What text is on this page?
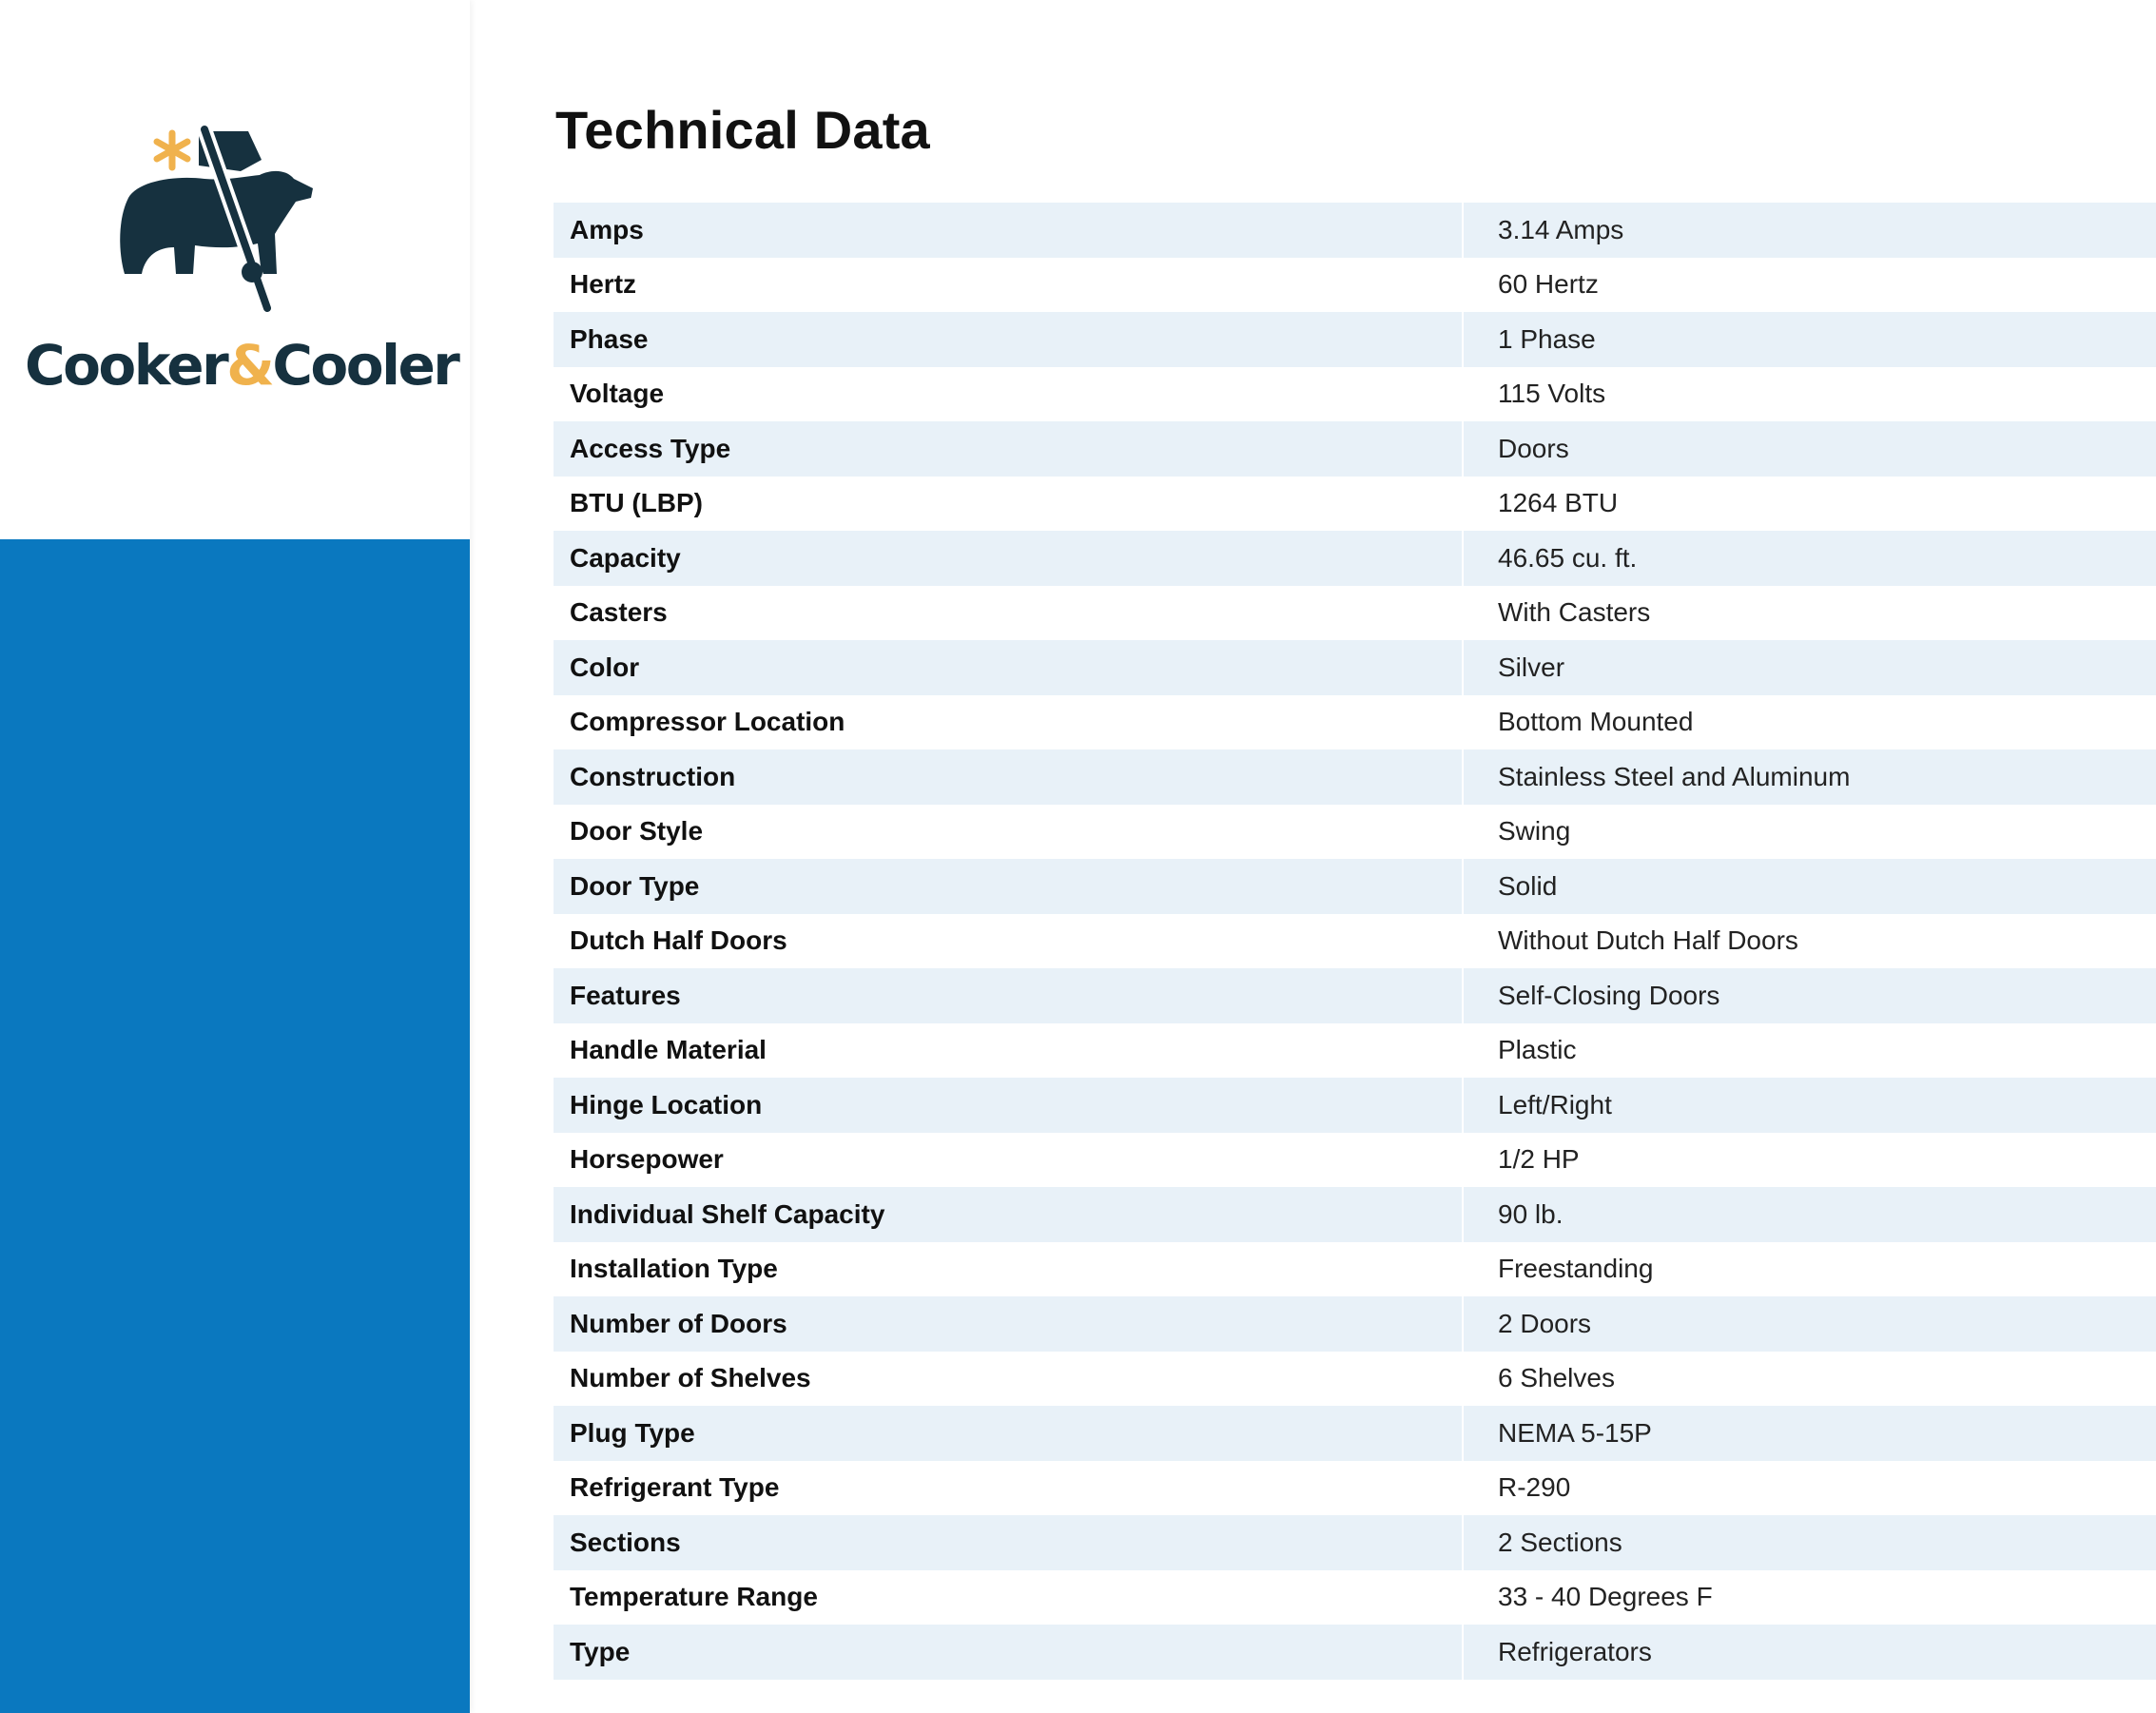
Cooker&Cooler
Technical Data
Amps	3.14 Amps
Hertz	60 Hertz
Phase	1 Phase
Voltage	115 Volts
Access Type	Doors
BTU (LBP)	1264 BTU
Capacity	46.65 cu. ft.
Casters	With Casters
Color	Silver
Compressor Location	Bottom Mounted
Construction	Stainless Steel and Aluminum
Door Style	Swing
Door Type	Solid
Dutch Half Doors	Without Dutch Half Doors
Features	Self-Closing Doors
Handle Material	Plastic
Hinge Location	Left/Right
Horsepower	1/2 HP
Individual Shelf Capacity	90 lb.
Installation Type	Freestanding
Number of Doors	2 Doors
Number of Shelves	6 Shelves
Plug Type	NEMA 5-15P
Refrigerant Type	R-290
Sections	2 Sections
Temperature Range	33 - 40 Degrees F
Type	Refrigerators
